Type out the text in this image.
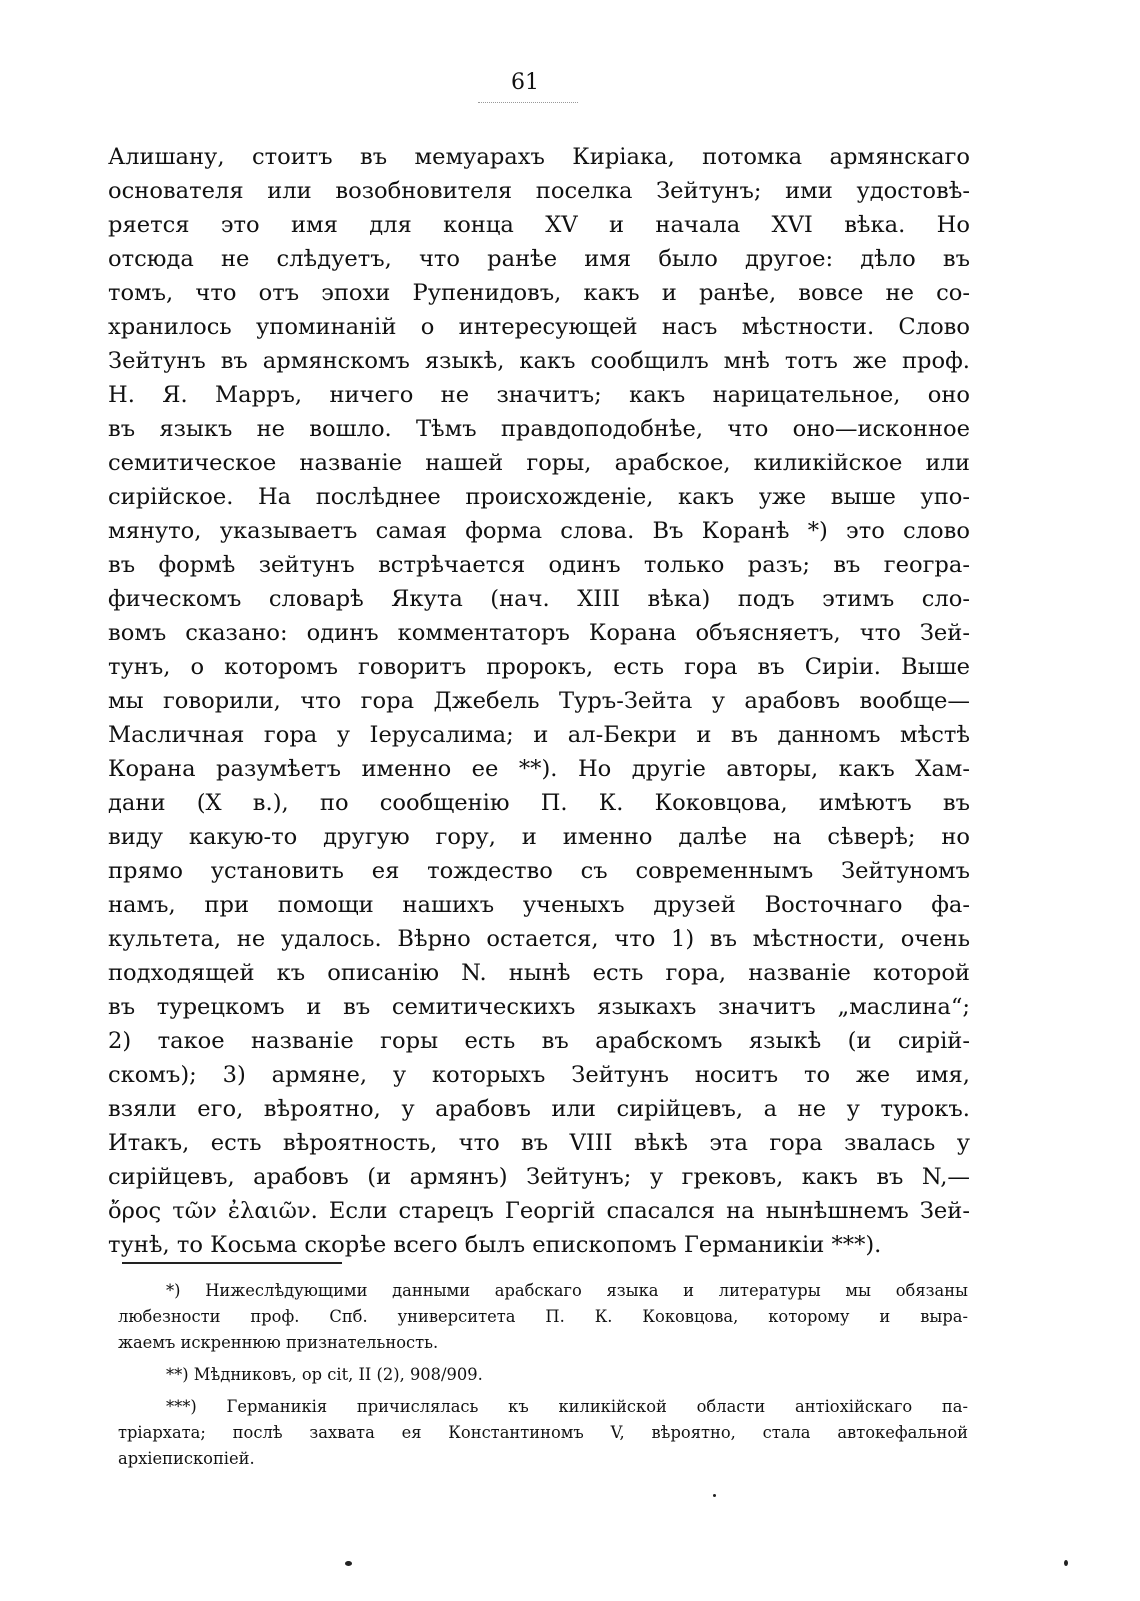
61
Алишану, стоитъ въ мемуарахъ Киріака, потомка армянскаго
основателя или возобновителя поселка Зейтунъ; ими удостовѣ-
ряется это имя для конца XV и начала XVI вѣка. Но
отсюда не слѣдуетъ, что ранѣе имя было другое: дѣло въ
томъ, что отъ эпохи Рупенидовъ, какъ и ранѣе, вовсе не со-
хранилось упоминаній о интересующей насъ мѣстности. Слово
Зейтунъ въ армянскомъ языкѣ, какъ сообщилъ мнѣ тотъ же проф.
Н. Я. Марръ, ничего не значитъ; какъ нарицательное, оно
въ языкъ не вошло. Тѣмъ правдоподобнѣе, что оно—исконное
семитическое названіе нашей горы, арабское, киликійское или
сирійское. На послѣднее происхожденіе, какъ уже выше упо-
мянуто, указываетъ самая форма слова. Въ Коранѣ *) это слово
въ формѣ зейтунъ встрѣчается одинъ только разъ; въ геогра-
фическомъ словарѣ Якута (нач. XIII вѣка) подъ этимъ сло-
вомъ сказано: одинъ комментаторъ Корана объясняетъ, что Зей-
тунъ, о которомъ говоритъ пророкъ, есть гора въ Сиріи. Выше
мы говорили, что гора Джебель Туръ-Зейта у арабовъ вообще—
Масличная гора у Іерусалима; и ал-Бекри и въ данномъ мѣстѣ
Корана разумѣетъ именно ее **). Но другіе авторы, какъ Хам-
дани (X в.), по сообщенію П. К. Коковцова, имѣютъ въ
виду какую-то другую гору, и именно далѣе на сѣверѣ; но
прямо установить ея тождество съ современнымъ Зейтуномъ
намъ, при помощи нашихъ ученыхъ друзей Восточнаго фа-
культета, не удалось. Вѣрно остается, что 1) въ мѣстности, очень
подходящей къ описанію N. нынѣ есть гора, названіе которой
въ турецкомъ и въ семитическихъ языкахъ значитъ „маслина“;
2) такое названіе горы есть въ арабскомъ языкѣ (и сирій-
скомъ); 3) армяне, у которыхъ Зейтунъ носитъ то же имя,
взяли его, вѣроятно, у арабовъ или сирійцевъ, а не у турокъ.
Итакъ, есть вѣроятность, что въ VIII вѣкѣ эта гора звалась у
сирійцевъ, арабовъ (и армянъ) Зейтунъ; у грековъ, какъ въ N,—
ὄρος τῶν ἐλαιῶν. Если старецъ Георгій спасался на нынѣшнемъ Зей-
тунѣ, то Косьма скорѣе всего былъ епископомъ Германикіи ***).
*) Нижеслѣдующими данными арабскаго языка и литературы мы обязаны
любезности проф. Спб. университета П. К. Коковцова, которому и выра-
жаемъ искреннюю признательность.
**) Мѣдниковъ, op cit, II (2), 908/909.
***) Германикія причислялась къ киликійской области антіохійскаго па-
тріархата; послѣ захвата ея Константиномъ V, вѣроятно, стала автокефальной
архіепископіей.
